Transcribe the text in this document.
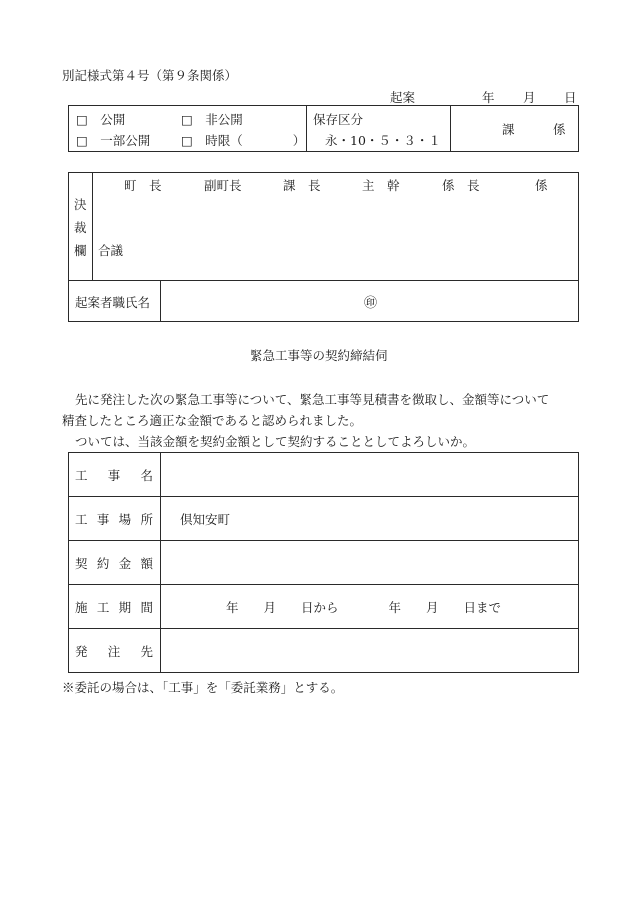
別記様式第４号（第９条関係）
起案	年 月 日
□　公開	□　非公開
□　一部公開 □　時限（　　　　）
保存区分
永・10・５・３・１
課	係
決
裁
欄
町　長	副町長	課　長	主　幹	係　長	係
合議
起案者職氏名	㊞
緊急工事等の契約締結伺
先に発注した次の緊急工事等について、緊急工事等見積書を徴取し、金額等について
精査したところ適正な金額であると認められました。
ついては、当該金額を契約金額として契約することとしてよろしいか。
工 事 名
工 事 場 所 倶知安町
契 約 金 額
施 工 期 間	年　　月　　日から　　　　年　　月　　日まで
発 注 先
※委託の場合は、「工事」を「委託業務」とする。
